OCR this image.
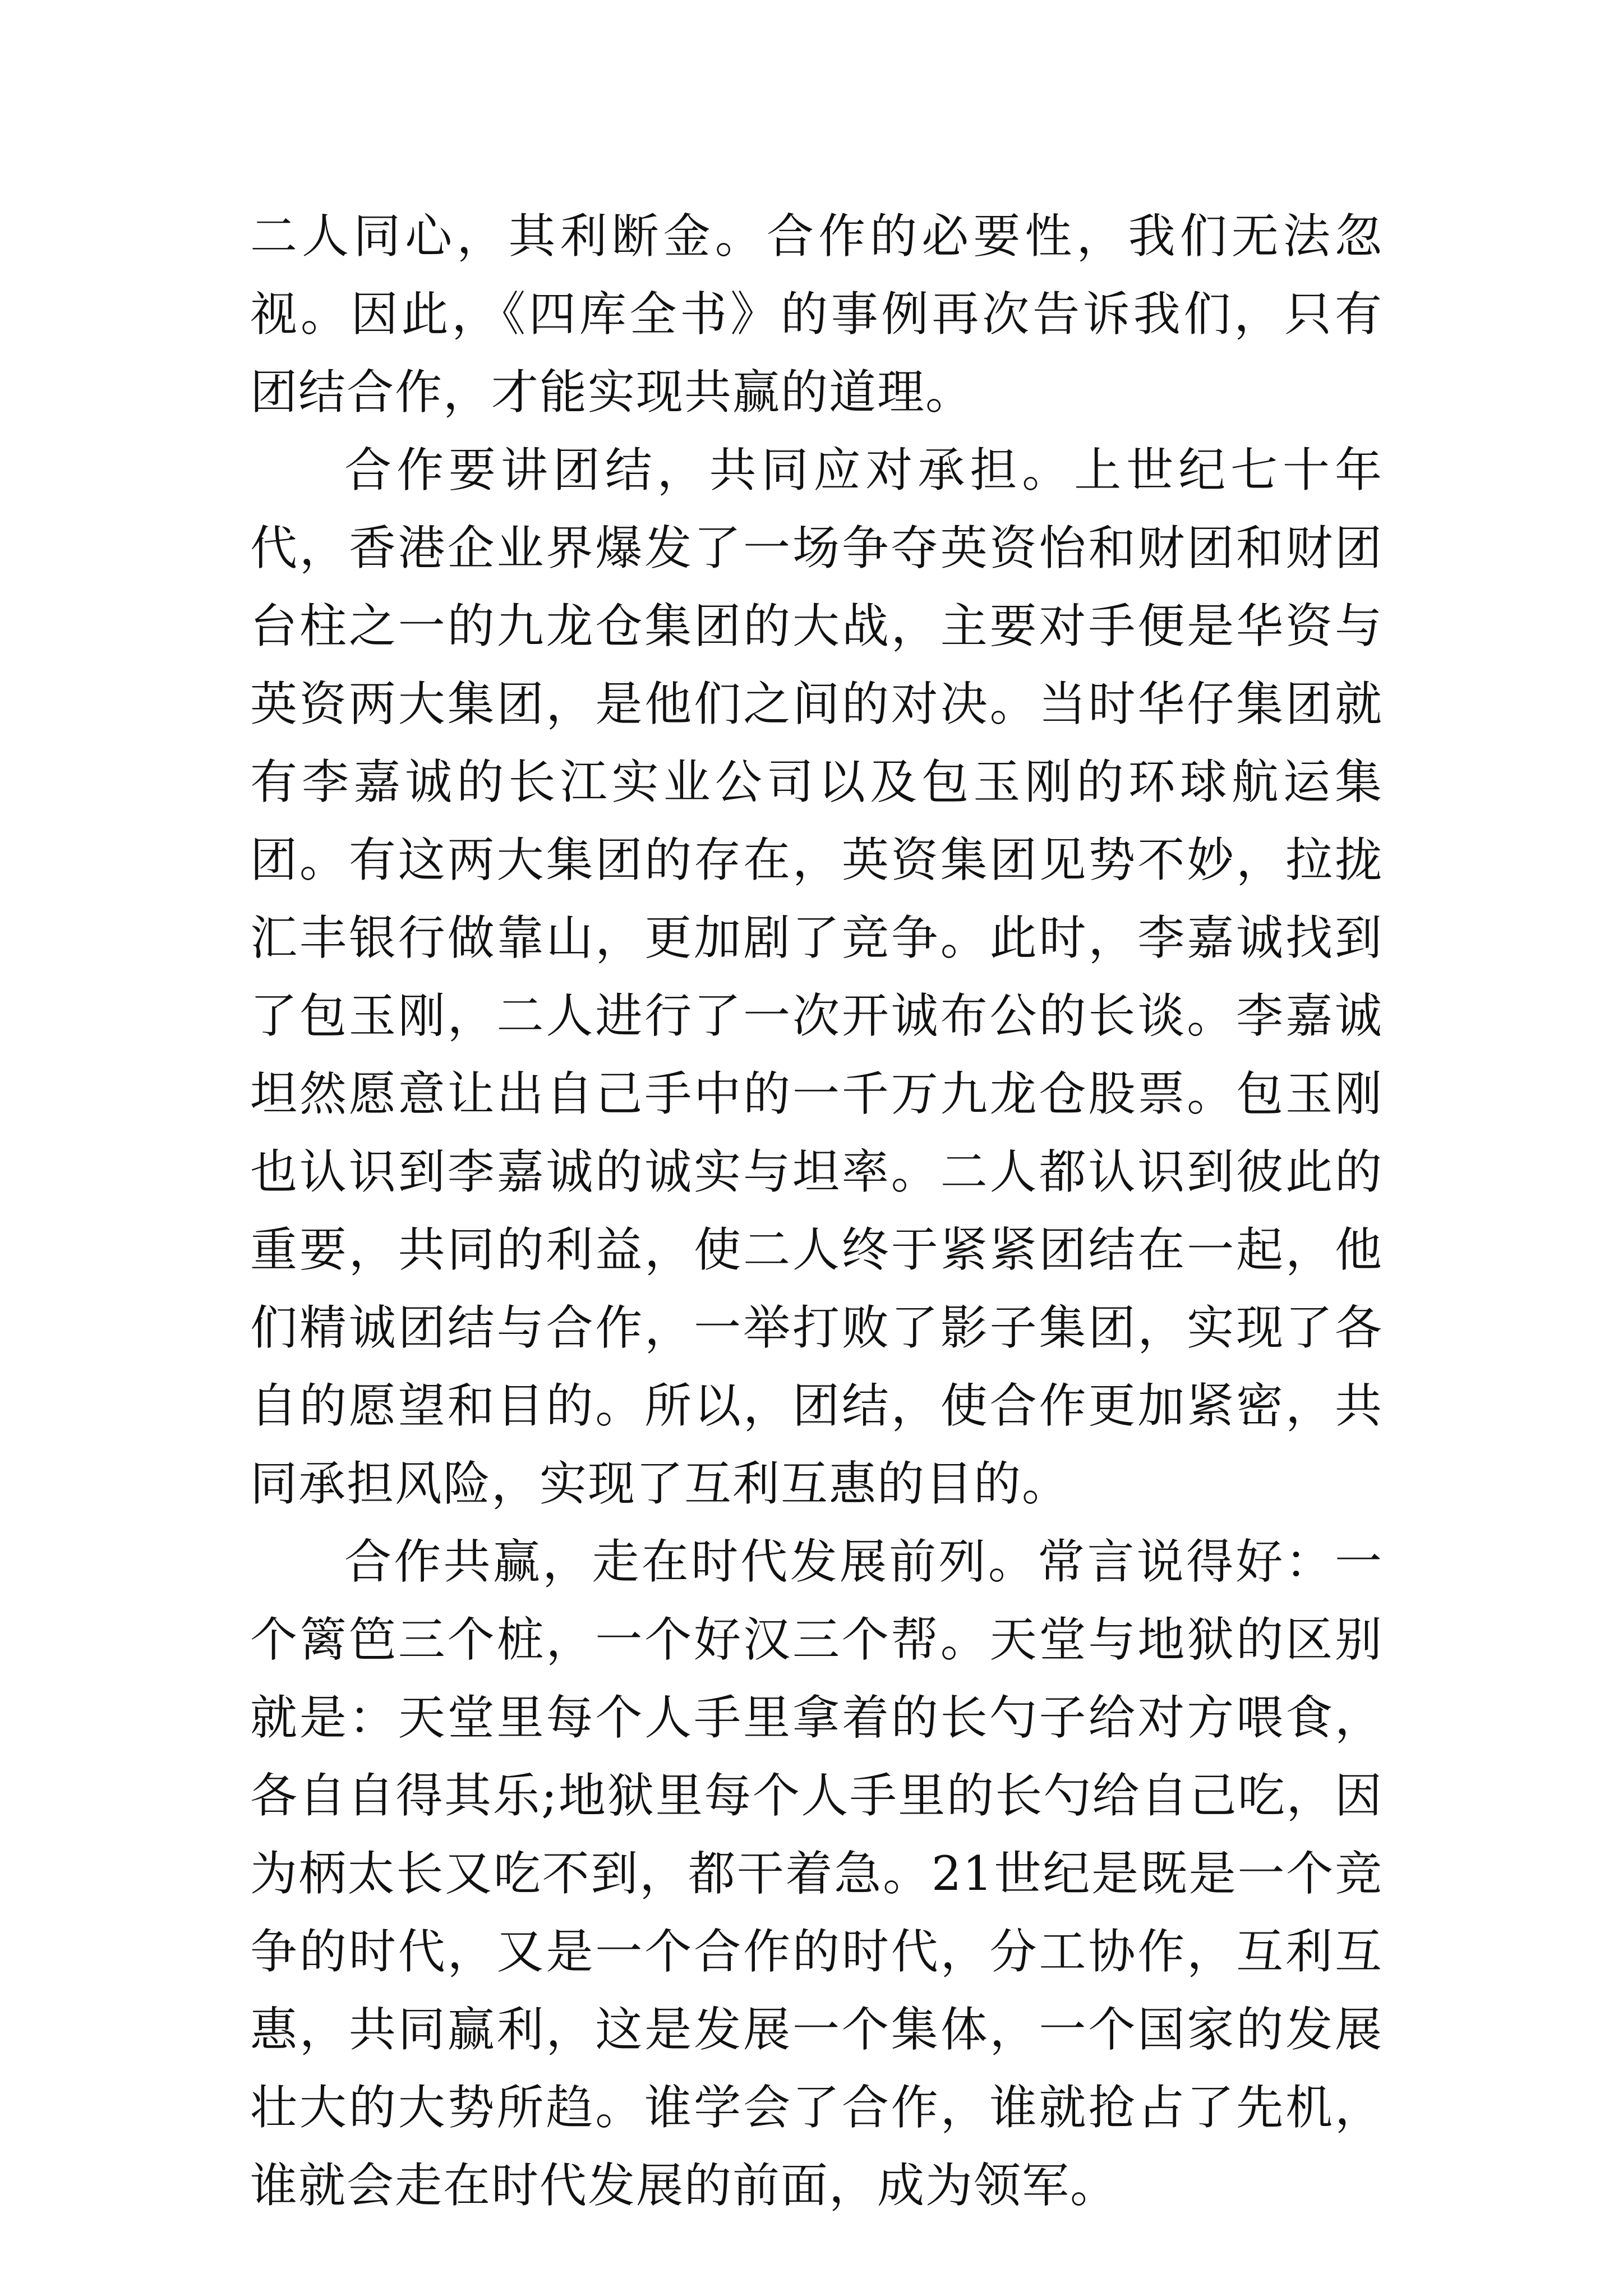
二人同心，其利断金。合作的必要性，我们无法忽视。因此，《四库全书》的事例再次告诉我们，只有团结合作，才能实现共赢的道理。

合作要讲团结，共同应对承担。上世纪七十年代，香港企业界爆发了一场争夺英资怡和财团和财团台柱之一的九龙仓集团的大战，主要对手便是华资与英资两大集团，是他们之间的对决。当时华仔集团就有李嘉诚的长江实业公司以及包玉刚的环球航运集团。有这两大集团的存在，英资集团见势不妙，拉拢汇丰银行做靠山，更加剧了竞争。此时，李嘉诚找到了包玉刚，二人进行了一次开诚布公的长谈。李嘉诚坦然愿意让出自己手中的一千万九龙仓股票。包玉刚也认识到李嘉诚的诚实与坦率。二人都认识到彼此的重要，共同的利益，使二人终于紧紧团结在一起，他们精诚团结与合作，一举打败了影子集团，实现了各自的愿望和目的。所以，团结，使合作更加紧密，共同承担风险，实现了互利互惠的目的。

合作共赢，走在时代发展前列。常言说得好：一个篱笆三个桩，一个好汉三个帮。天堂与地狱的区别就是：天堂里每个人手里拿着的长勺子给对方喂食，各自自得其乐;地狱里每个人手里的长勺给自己吃，因为柄太长又吃不到，都干着急。21世纪是既是一个竞争的时代，又是一个合作的时代，分工协作，互利互惠，共同赢利，这是发展一个集体，一个国家的发展壮大的大势所趋。谁学会了合作，谁就抢占了先机，谁就会走在时代发展的前面，成为领军。
